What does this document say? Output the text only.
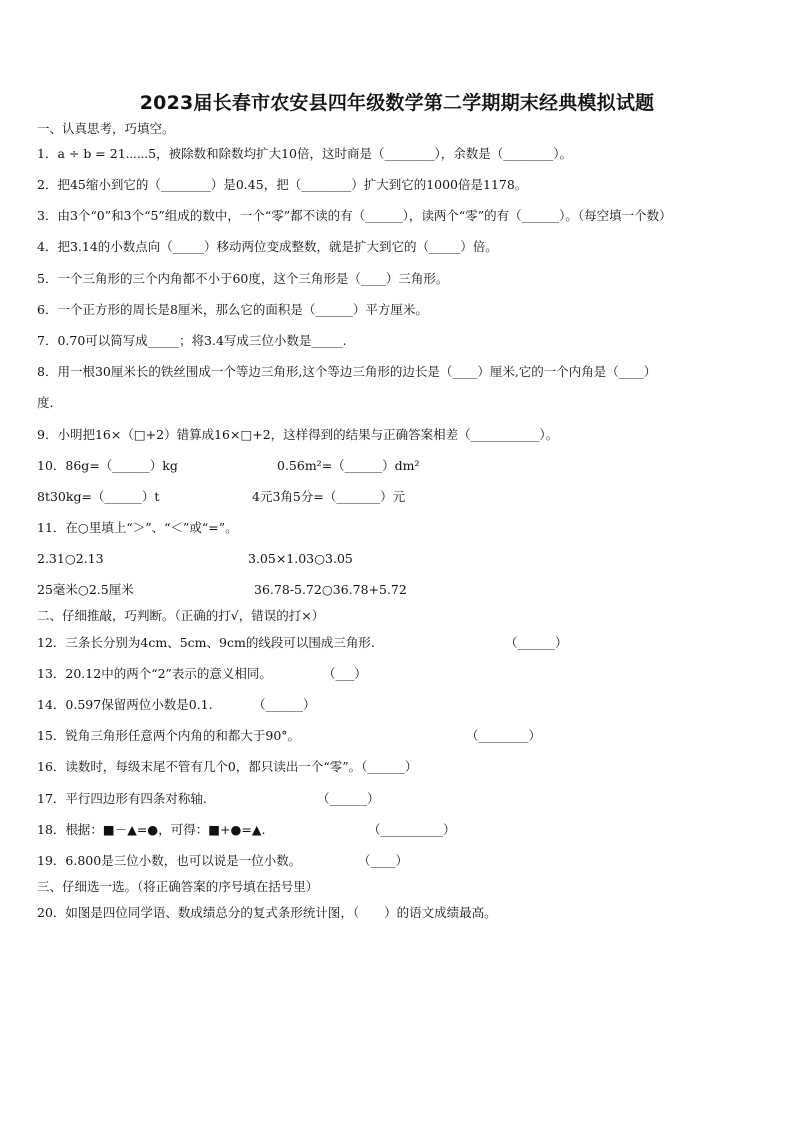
2023届长春市农安县四年级数学第二学期期末经典模拟试题
一、认真思考，巧填空。
1．a ÷ b = 21⋯⋯5，被除数和除数均扩大10倍，这时商是（________），余数是（________）。
2．把45缩小到它的（________）是0.45，把（________）扩大到它的1000倍是1178。
3．由3个“0”和3个“5”组成的数中，一个“零”都不读的有（______），读两个“零”的有（______）。（每空填一个数）
4．把3.14的小数点向（_____）移动两位变成整数，就是扩大到它的（_____）倍。
5．一个三角形的三个内角都不小于60度，这个三角形是（____）三角形。
6．一个正方形的周长是8厘米，那么它的面积是（______）平方厘米。
7．0.70可以简写成_____；将3.4写成三位小数是_____.
8．用一根30厘米长的铁丝围成一个等边三角形,这个等边三角形的边长是（____）厘米,它的一个内角是（____）
度.
9．小明把16×（□+2）错算成16×□+2，这样得到的结果与正确答案相差（___________）。
10．86g=（______）kg	0.56m²=（______）dm²
8t30kg=（______）t	4元3角5分=（_______）元
11．在○里填上“＞”、“＜”或“=”。
2.31○2.13	3.05×1.03○3.05
25毫米○2.5厘米	36.78-5.72○36.78+5.72
二、仔细推敲，巧判断。（正确的打√，错误的打×）
12．三条长分别为4cm、5cm、9cm的线段可以围成三角形.	（______）
13．20.12中的两个“2”表示的意义相同。	（___）
14．0.597保留两位小数是0.1.	（______）
15．锐角三角形任意两个内角的和都大于90°。	（________）
16．读数时，每级末尾不管有几个0，都只读出一个“零”。（______）
17．平行四边形有四条对称轴.	（______）
18．根据：■－▲=●，可得：■+●=▲.	（__________）
19．6.800是三位小数，也可以说是一位小数。	（____）
三、仔细选一选。（将正确答案的序号填在括号里）
20．如图是四位同学语、数成绩总分的复式条形统计图，（　　）的语文成绩最高。
